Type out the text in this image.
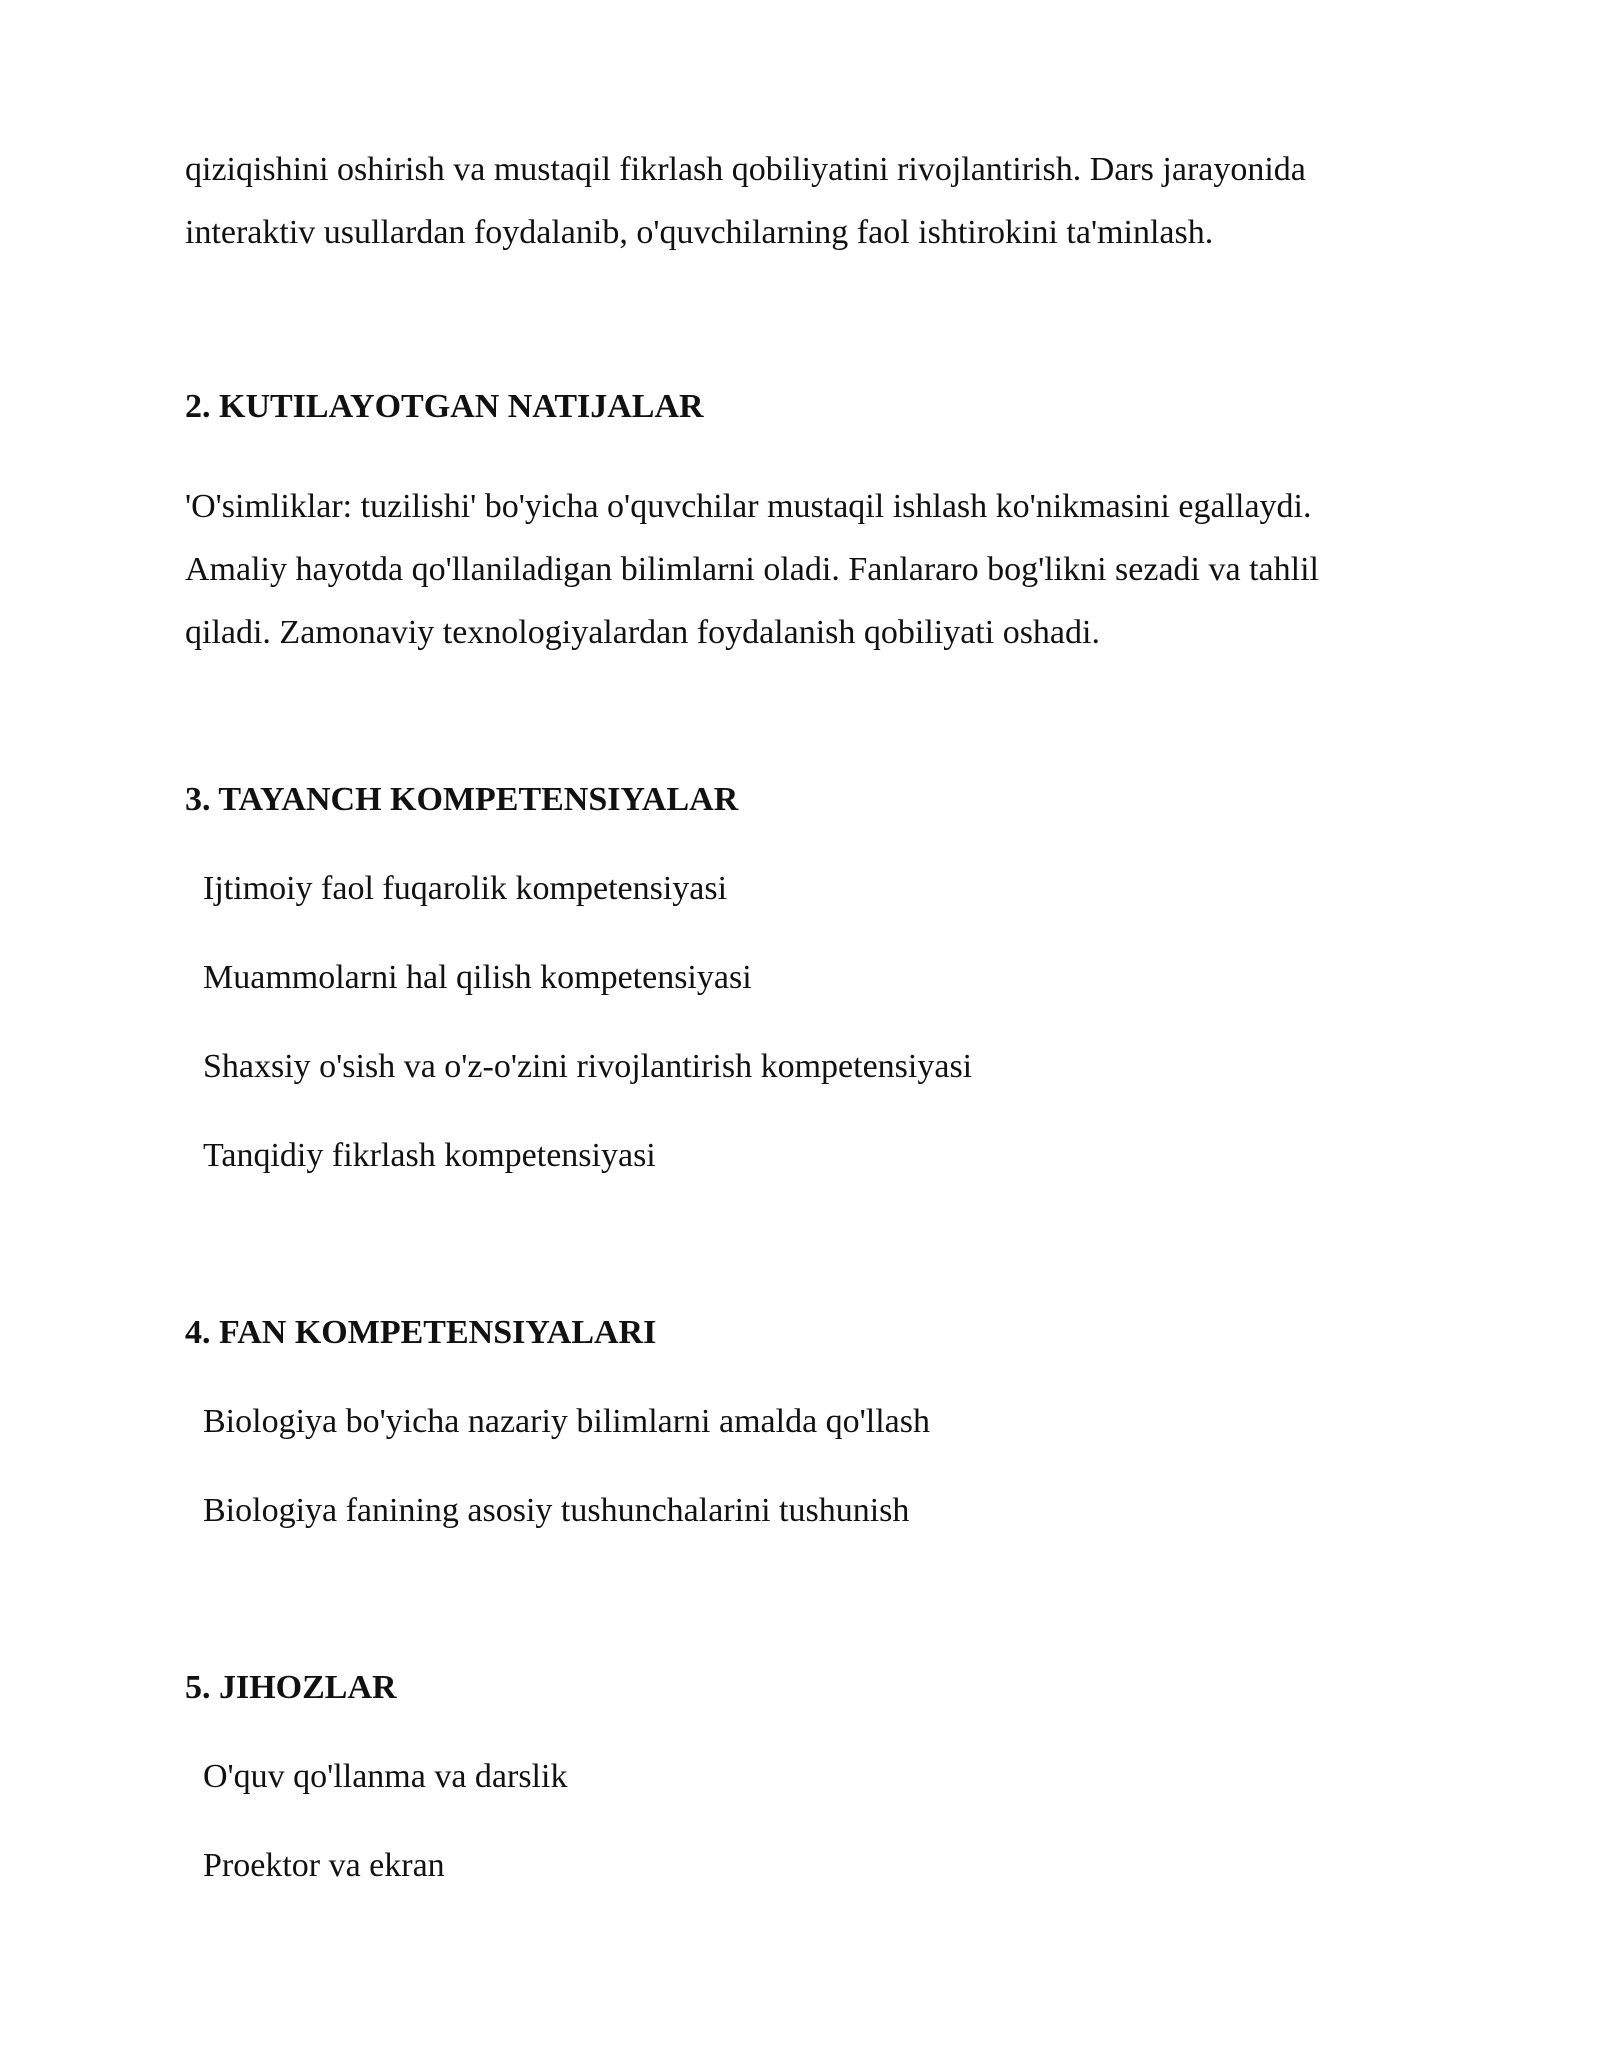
qiziqishini oshirish va mustaqil fikrlash qobiliyatini rivojlantirish. Dars jarayonida

interaktiv usullardan foydalanib, o'quvchilarning faol ishtirokini ta'minlash.

2. KUTILAYOTGAN NATIJALAR

'O'simliklar: tuzilishi' bo'yicha o'quvchilar mustaqil ishlash ko'nikmasini egallaydi.

Amaliy hayotda qo'llaniladigan bilimlarni oladi. Fanlararo bog'likni sezadi va tahlil

qiladi. Zamonaviy texnologiyalardan foydalanish qobiliyati oshadi.

3. TAYANCH KOMPETENSIYALAR

Ijtimoiy faol fuqarolik kompetensiyasi

Muammolarni hal qilish kompetensiyasi

Shaxsiy o'sish va o'z-o'zini rivojlantirish kompetensiyasi

Tanqidiy fikrlash kompetensiyasi

4. FAN KOMPETENSIYALARI

Biologiya bo'yicha nazariy bilimlarni amalda qo'llash

Biologiya fanining asosiy tushunchalarini tushunish

5. JIHOZLAR

O'quv qo'llanma va darslik

Proektor va ekran
